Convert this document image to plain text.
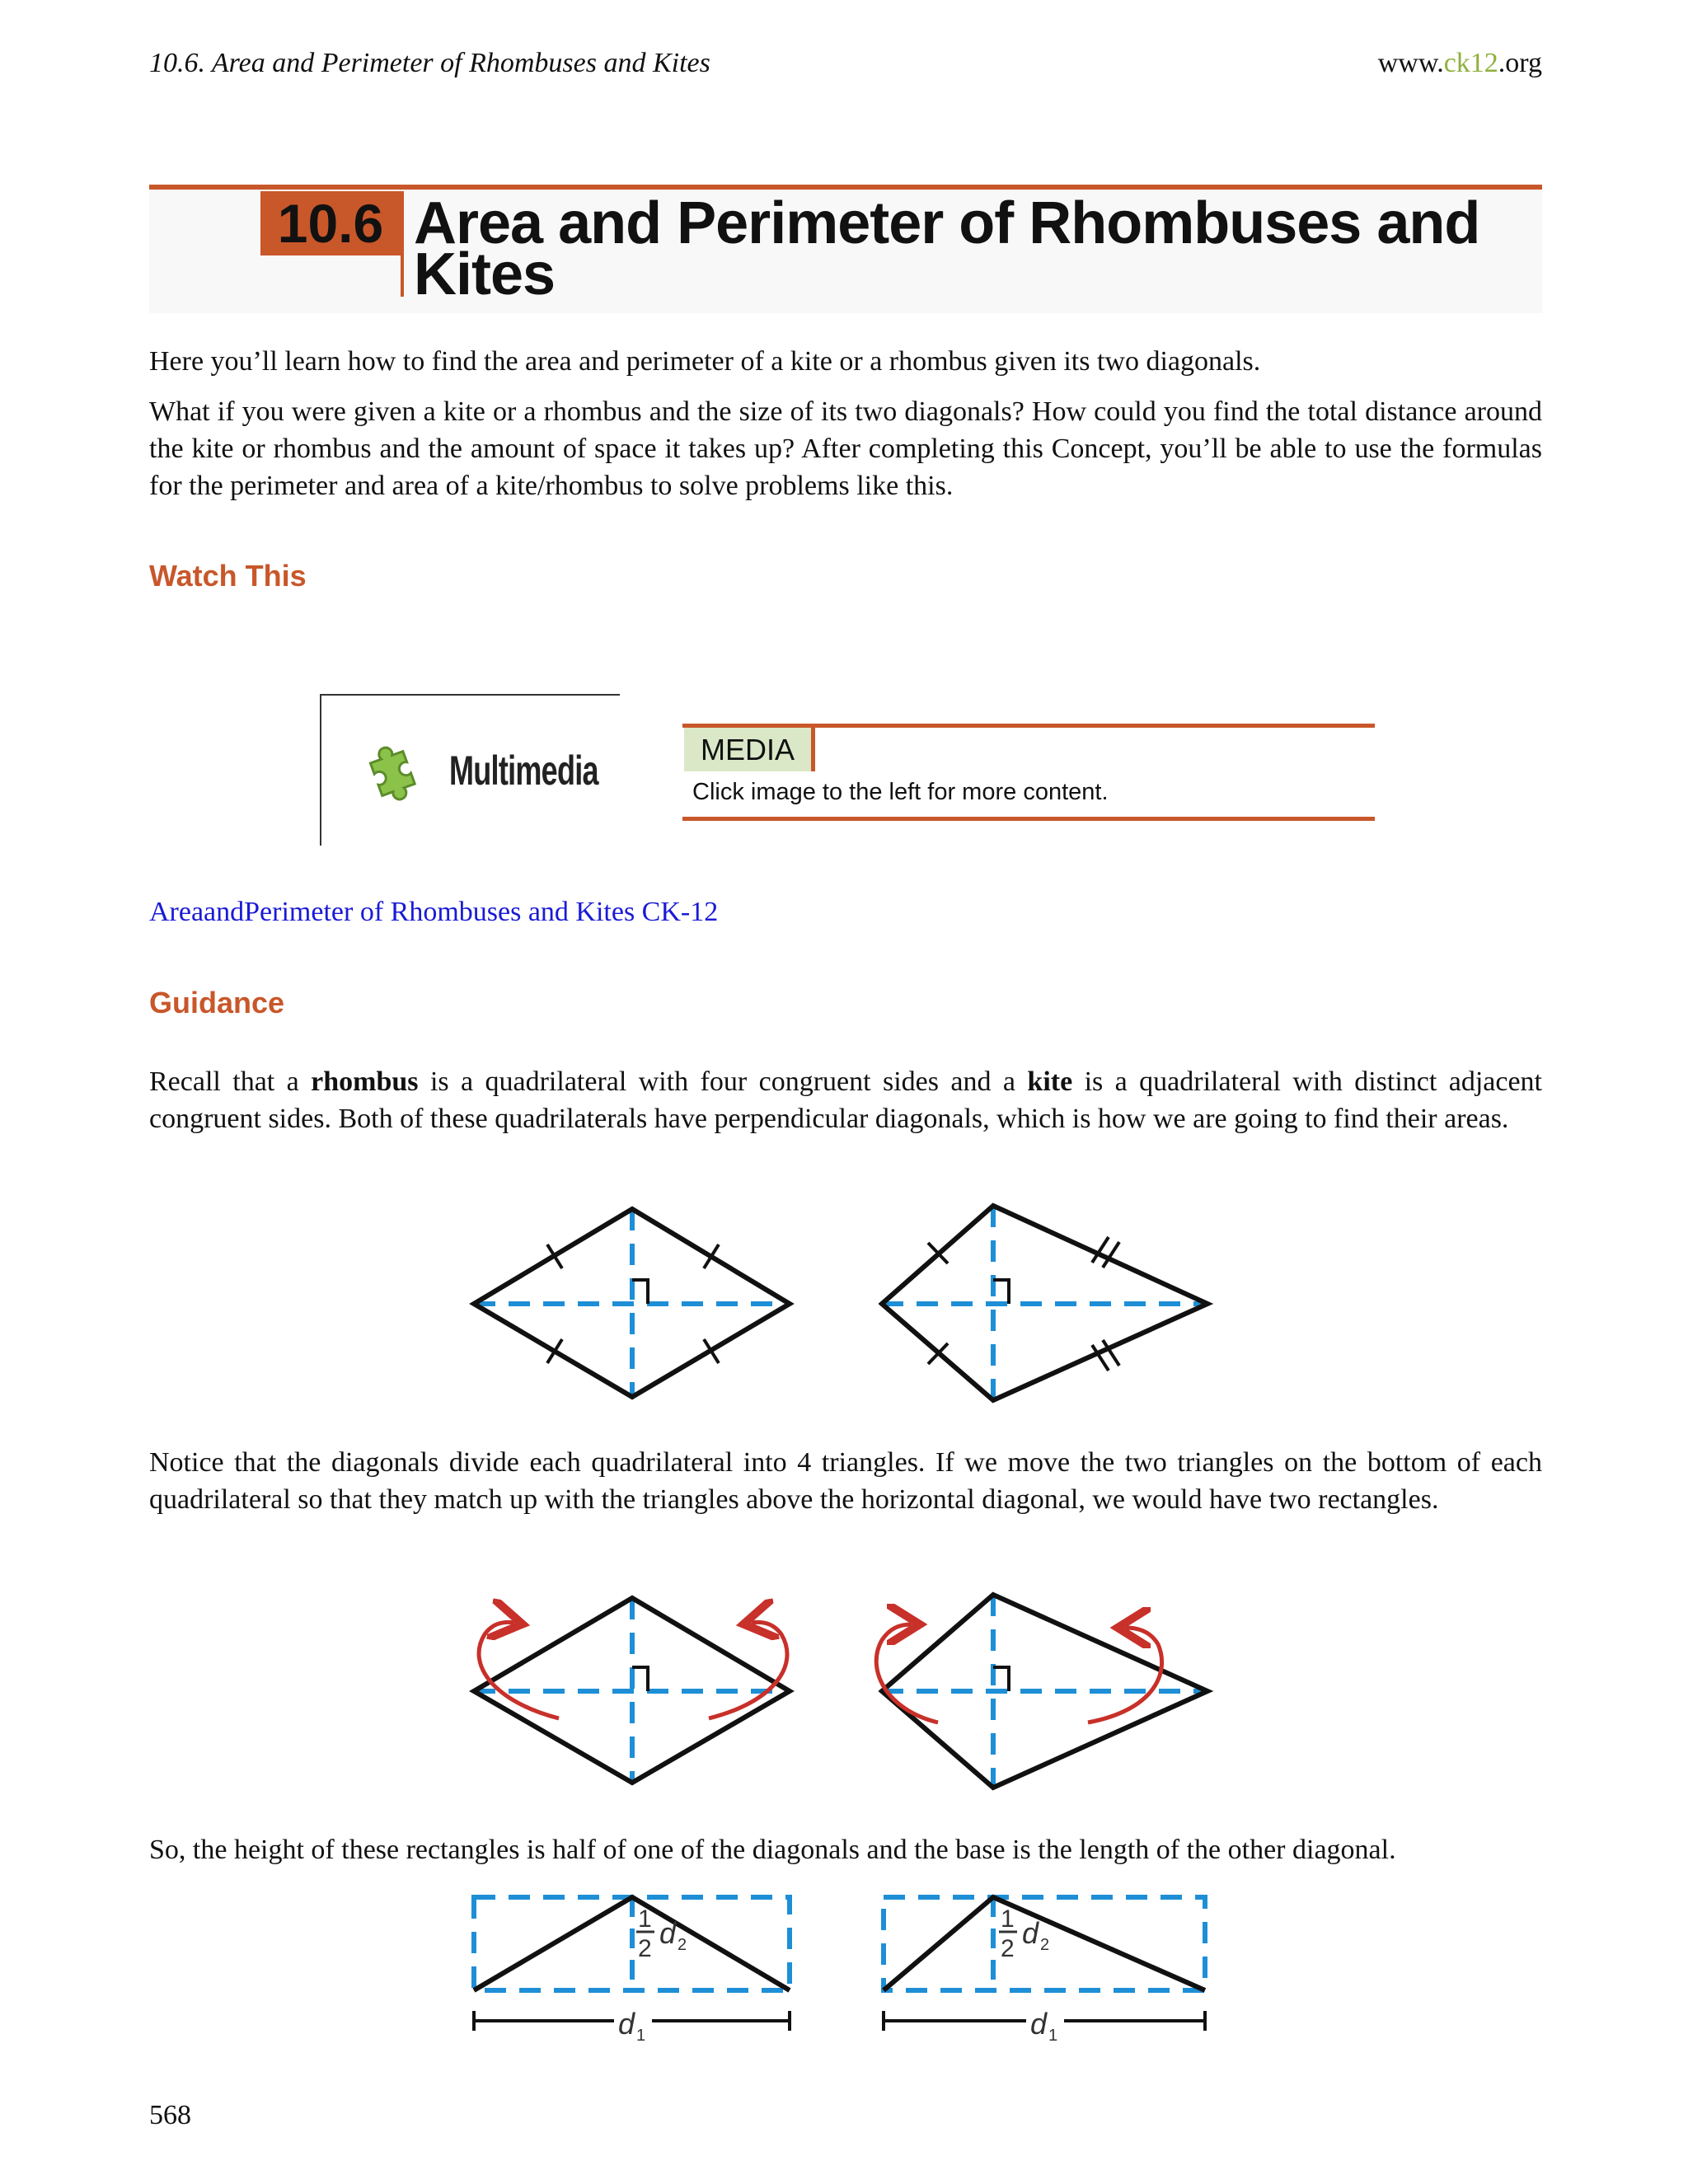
10.6. Area and Perimeter of Rhombuses and Kites	www.ck12.org
10.6 Area and Perimeter of Rhombuses and Kites

Here you’ll learn how to find the area and perimeter of a kite or a rhombus given its two diagonals.

What if you were given a kite or a rhombus and the size of its two diagonals? How could you find the total distance around the kite or rhombus and the amount of space it takes up? After completing this Concept, you’ll be able to use the formulas for the perimeter and area of a kite/rhombus to solve problems like this.

Watch This
Multimedia	MEDIA
Click image to the left for more content.
AreaandPerimeter of Rhombuses and Kites CK-12
Guidance

Recall that a rhombus is a quadrilateral with four congruent sides and a kite is a quadrilateral with distinct adjacent congruent sides. Both of these quadrilaterals have perpendicular diagonals, which is how we are going to find their areas.

Notice that the diagonals divide each quadrilateral into 4 triangles. If we move the two triangles on the bottom of each quadrilateral so that they match up with the triangles above the horizontal diagonal, we would have two rectangles.

So, the height of these rectangles is half of one of the diagonals and the base is the length of the other diagonal.

d 1
1
2 d 2
d 1
1
2 d 2
568
